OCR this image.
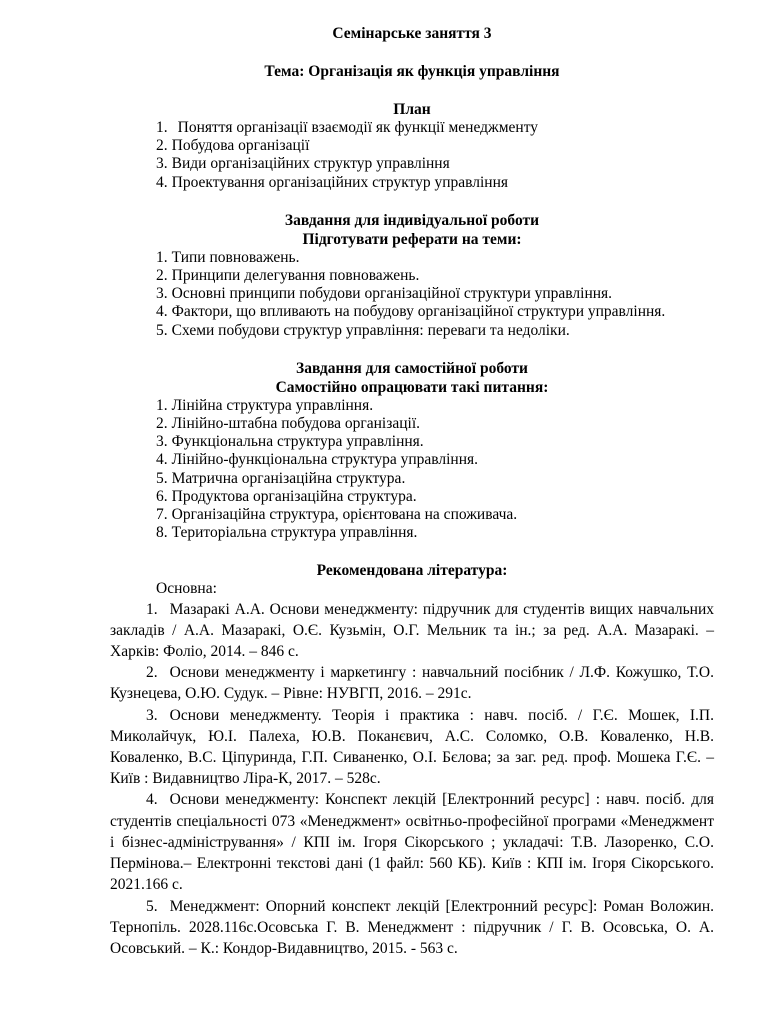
Семінарське заняття 3

Тема: Організація як функція управління

План

1. Поняття організації взаємодії як функції менеджменту
2. Побудова організації
3. Види організаційних структур управління
4. Проектування організаційних структур управління

Завдання для індивідуальної роботи

Підготувати реферати на теми:

1. Типи повноважень.
2. Принципи делегування повноважень.
3. Основні принципи побудови організаційної структури управління.
4. Фактори, що впливають на побудову організаційної структури управління.
5. Схеми побудови структур управління: переваги та недоліки.

Завдання для самостійної роботи

Самостійно опрацювати такі питання:

1. Лінійна структура управління.
2. Лінійно-штабна побудова організації.
3. Функціональна структура управління.
4. Лінійно-функціональна структура управління.
5. Матрична організаційна структура.
6. Продуктова організаційна структура.
7. Організаційна структура, орієнтована на споживача.
8. Територіальна структура управління.

Рекомендована література:

Основна:

1. Мазаракі А.А. Основи менеджменту: підручник для студентів вищих навчальних закладів / А.А. Мазаракі, О.Є. Кузьмін, О.Г. Мельник та ін.; за ред. А.А. Мазаракі. – Харків: Фоліо, 2014. – 846 с.

2. Основи менеджменту і маркетингу : навчальний посібник / Л.Ф. Кожушко, Т.О. Кузнецева, О.Ю. Судук. – Рівне: НУВГП, 2016. – 291с.

3. Основи менеджменту. Теорія і практика : навч. посіб. / Г.Є. Мошек, І.П. Миколайчук, Ю.І. Палеха, Ю.В. Поканєвич, А.С. Соломко, О.В. Коваленко, Н.В. Коваленко, В.С. Ціпуринда, Г.П. Сиваненко, О.І. Бєлова; за заг. ред. проф. Мошека Г.Є. – Київ : Видавництво Ліра-К, 2017. – 528с.

4. Основи менеджменту: Конспект лекцій [Електронний ресурс] : навч. посіб. для студентів спеціальності 073 «Менеджмент» освітньо-професійної програми «Менеджмент і бізнес-адміністрування» / КПІ ім. Ігоря Сікорського ; укладачі: Т.В. Лазоренко, С.О. Пермінова.– Електронні текстові дані (1 файл: 560 КБ). Київ : КПІ ім. Ігоря Сікорського. 2021.166 с.

5. Менеджмент: Опорний конспект лекцій [Електронний ресурс]: Роман Воложин. Тернопіль. 2028.116с.Осовська Г. В. Менеджмент : підручник / Г. В. Осовська, О. А. Осовський. – К.: Кондор-Видавництво, 2015. - 563 с.
